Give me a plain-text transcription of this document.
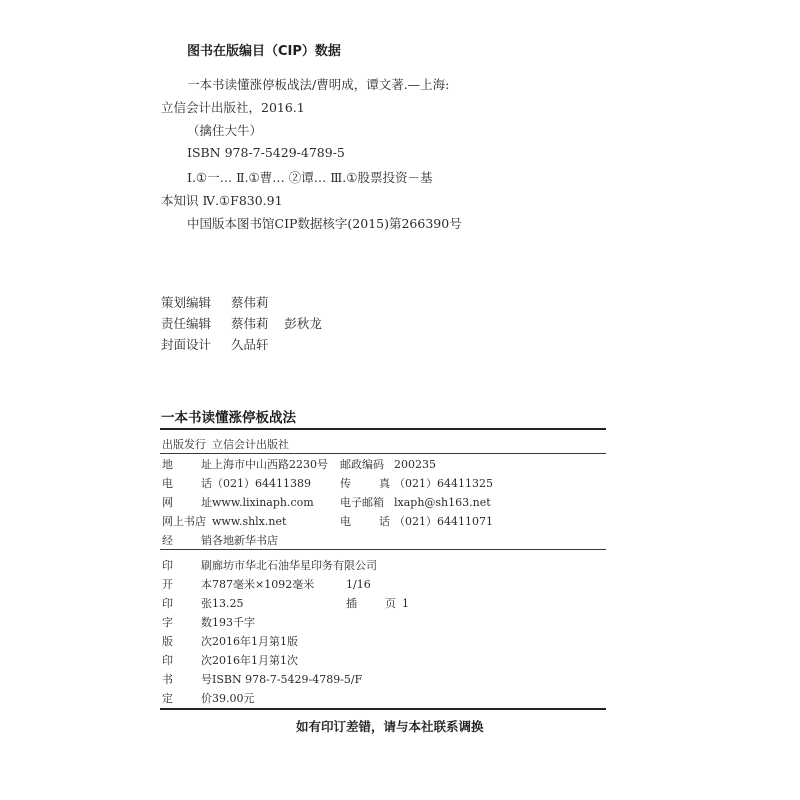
图书在版编目（CIP）数据
一本书读懂涨停板战法/曹明成，谭文著.—上海:
立信会计出版社，2016.1
（擒住大牛）
ISBN 978-7-5429-4789-5
Ⅰ.①一… Ⅱ.①曹… ②谭… Ⅲ.①股票投资－基
本知识 Ⅳ.①F830.91
中国版本图书馆CIP数据核字(2015)第266390号
策划编辑 蔡伟莉
责任编辑 蔡伟莉    彭秋龙
封面设计 久品轩
一本书读懂涨停板战法
出版发行 立信会计出版社
地        址上海市中山西路2230号 邮政编码 200235
电        话（021）64411389	传        真 （021）64411325
网        址www.lixinaph.com 电子邮箱 lxaph@sh163.net
网上书店 www.shlx.net	电        话 （021）64411071
经        销各地新华书店
印        刷廊坊市华北石油华星印务有限公司
开        本787毫米×1092毫米	1/16
印        张13.25	插        页 1
字        数193千字
版        次2016年1月第1版
印        次2016年1月第1次
书        号ISBN 978-7-5429-4789-5/F
定        价39.00元
如有印订差错，请与本社联系调换
